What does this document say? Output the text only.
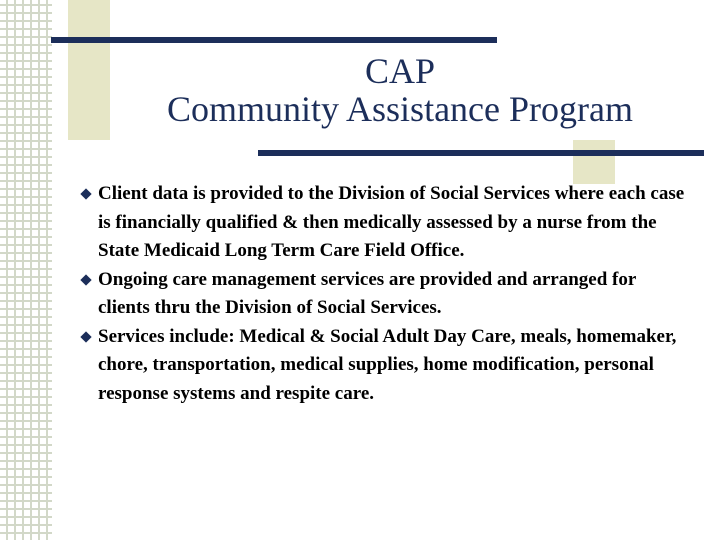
CAP
Community Assistance Program
Client data is provided to the Division of Social Services where each case is financially qualified & then medically assessed by a nurse from the State Medicaid Long Term Care Field Office.
Ongoing care management services are provided and arranged for clients thru the Division of Social Services.
Services include: Medical & Social Adult Day Care, meals, homemaker, chore, transportation, medical supplies, home modification, personal response systems and respite care.
